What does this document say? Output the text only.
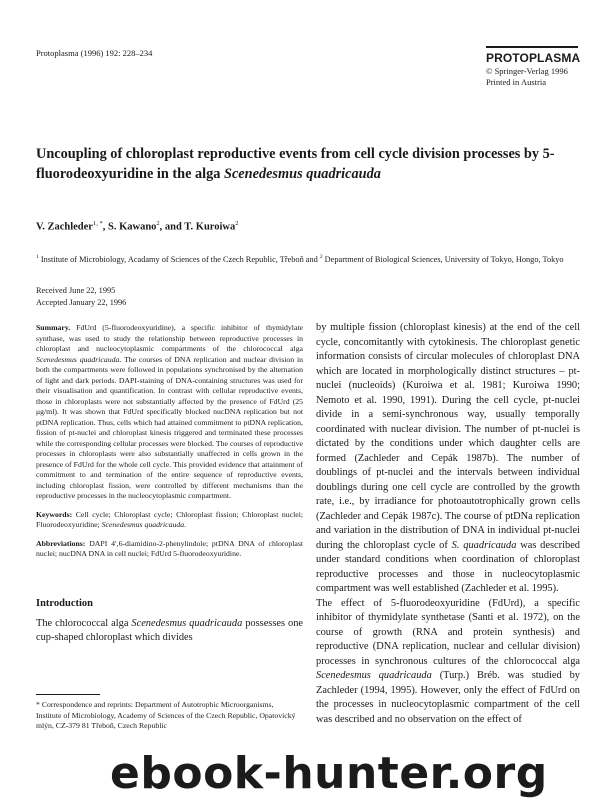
Protoplasma (1996) 192: 228–234	PROTOPLASMA
© Springer-Verlag 1996
Printed in Austria
Uncoupling of chloroplast reproductive events from cell cycle division processes by 5-fluorodeoxyuridine in the alga Scenedesmus quadricauda
V. Zachleder$^{1, *}$, S. Kawano$^2$, and T. Kuroiwa$^2$
$^1$ Institute of Microbiology, Acadamy of Sciences of the Czech Republic, Třeboň and $^2$ Department of Biological Sciences, University of Tokyo, Hongo, Tokyo
Received June 22, 1995
Accepted January 22, 1996
Summary. FdUrd (5-fluorodeoxyuridine), a specific inhibitor of thymidylate synthase, was used to study the relationship between reproductive processes in chloroplast and nucleocytoplasmic compartments of the chlorococcal alga Scenedesmus quadricauda. The courses of DNA replication and nuclear division in both the compartments were followed in populations synchronised by the alternation of light and dark periods. DAPI-staining of DNA-containing structures was used for their visualisation and quantification. In contrast with cellular reproductive events, those in chloroplasts were not substantially affected by the presence of FdUrd (25 μg/ml). It was shown that FdUrd specifically blocked nucDNA replication but not ptDNA replication. Thus, cells which had attained commitment to ptDNA replication, fission of pt-nuclei and chloroplast kinesis triggered and terminated these processes while the corresponding cellular processes were blocked. The courses of reproductive processes in chloroplasts were also substantially unaffected in cells grown in the presence of FdUrd for the whole cell cycle. This provided evidence that attainment of commitment to and termination of the entire sequence of reproductive events, including chloroplast fission, were controlled by different mechanisms than the reproductive processes in the nucleocytoplasmic compartment.
Keywords: Cell cycle; Chloroplast cycle; Chloroplast fission; Chloroplast nuclei; Fluorodeoxyuridine; Scenedesmus quadricauda.
Abbreviations: DAPI 4′,6-diamidino-2-phenylindole; ptDNA DNA of chloroplast nuclei; nucDNA DNA in cell nuclei; FdUrd 5-fluorodeoxyuridine.
Introduction
The chlorococcal alga Scenedesmus quadricauda possesses one cup-shaped chloroplast which divides
* Correspondence and reprints: Department of Autotrophic Microorganisms, Institute of Microbiology, Academy of Sciences of the Czech Republic, Opatovický mlýn, CZ-379 81 Třeboň, Czech Republic

by multiple fission (chloroplast kinesis) at the end of the cell cycle, concomitantly with cytokinesis. The chloroplast genetic information consists of circular molecules of chloroplast DNA which are located in morphologically distinct structures – pt-nuclei (nucleoids) (Kuroiwa et al. 1981; Kuroiwa 1990; Nemoto et al. 1990, 1991). During the cell cycle, pt-nuclei divide in a semi-synchronous way, usually temporally coordinated with nuclear division. The number of pt-nuclei is dictated by the conditions under which daughter cells are formed (Zachleder and Cepák 1987b). The number of doublings of pt-nuclei and the intervals between individual doublings during one cell cycle are controlled by the growth rate, i.e., by irradiance for photoautotrophically grown cells (Zachleder and Cepák 1987c). The course of ptDNa replication and variation in the distribution of DNA in individual pt-nuclei during the chloroplast cycle of S. quadricauda was described under standard conditions when coordination of chloroplast reproductive processes and those in nucleocytoplasmic compartment was well established (Zachleder et al. 1995).

The effect of 5-fluorodeoxyuridine (FdUrd), a specific inhibitor of thymidylate synthetase (Santi et al. 1972), on the course of growth (RNA and protein synthesis) and reproductive (DNA replication, nuclear and cellular division) processes in synchronous cultures of the chlorococcal alga Scenedesmus quadricauda (Turp.) Bréb. was studied by Zachleder (1994, 1995). However, only the effect of FdUrd on the processes in nucleocytoplasmic compartment of the cell was described and no observation on the effect of

ebook-hunter.org
